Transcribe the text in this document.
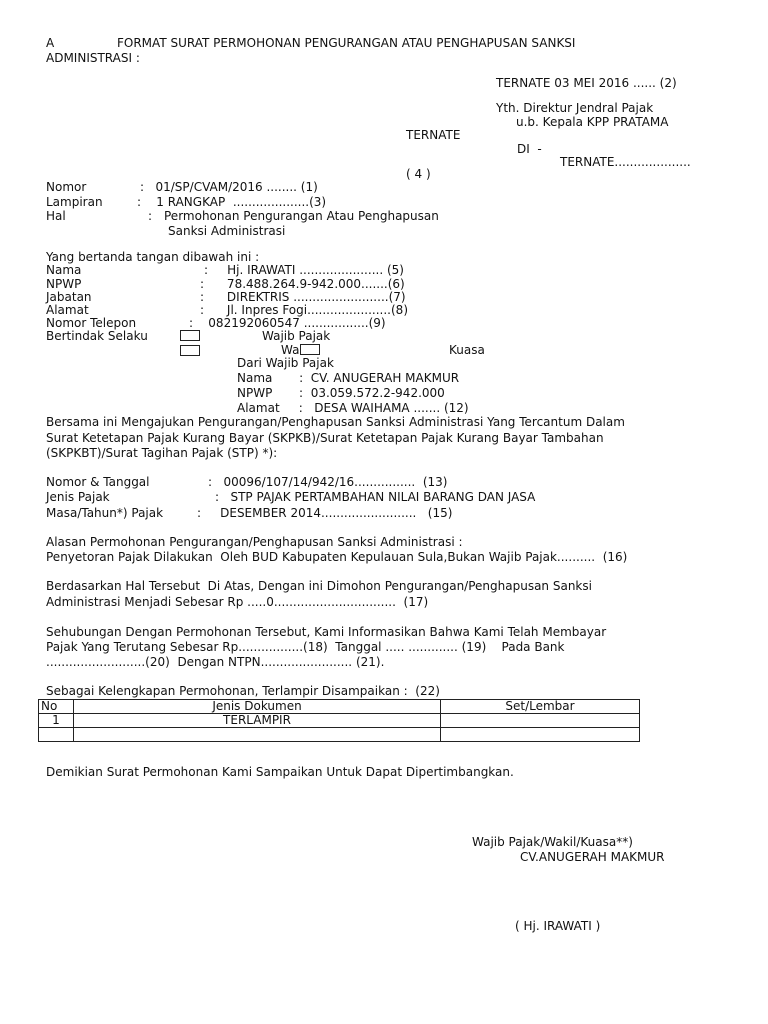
A	FORMAT SURAT PERMOHONAN PENGURANGAN ATAU PENGHAPUSAN SANKSI
ADMINISTRASI :
TERNATE 03 MEI 2016 ...... (2)
Yth. Direktur Jendral Pajak
u.b. Kepala KPP PRATAMA
TERNATE
DI  -
TERNATE....................
( 4 )
Nomor	:   01/SP/CVAM/2016 ........ (1)
Lampiran	:    1 RANGKAP  ....................(3)
Hal	: Permohonan Pengurangan Atau Penghapusan
Sanksi Administrasi
Yang bertanda tangan dibawah ini :
Nama	:     Hj. IRAWATI ...................... (5)
NPWP	:      78.488.264.9-942.000.......(6)
Jabatan	:      DIREKTRIS .........................(7)
Alamat	:      Jl. Inpres Fogi......................(8)
Nomor Telepon	:    082192060547 .................(9)
Bertindak Selaku	Wajib Pajak
Wa	Kuasa
Dari Wajib Pajak
Nama       :  CV. ANUGERAH MAKMUR
NPWP       :  03.059.572.2-942.000
Alamat     :   DESA WAIHAMA ....... (12)
Bersama ini Mengajukan Pengurangan/Penghapusan Sanksi Administrasi Yang Tercantum Dalam
Surat Ketetapan Pajak Kurang Bayar (SKPKB)/Surat Ketetapan Pajak Kurang Bayar Tambahan
(SKPKBT)/Surat Tagihan Pajak (STP) *):
Nomor & Tanggal	:   00096/107/14/942/16................  (13)
Jenis Pajak	:   STP PAJAK PERTAMBAHAN NILAI BARANG DAN JASA
Masa/Tahun*) Pajak	:     DESEMBER 2014.........................   (15)
Alasan Permohonan Pengurangan/Penghapusan Sanksi Administrasi :
Penyetoran Pajak Dilakukan  Oleh BUD Kabupaten Kepulauan Sula,Bukan Wajib Pajak..........  (16)
Berdasarkan Hal Tersebut  Di Atas, Dengan ini Dimohon Pengurangan/Penghapusan Sanksi
Administrasi Menjadi Sebesar Rp .....0................................  (17)
Sehubungan Dengan Permohonan Tersebut, Kami Informasikan Bahwa Kami Telah Membayar
Pajak Yang Terutang Sebesar Rp.................(18)  Tanggal ..... ............. (19)    Pada Bank
..........................(20)  Dengan NTPN........................ (21).
Sebagai Kelengkapan Permohonan, Terlampir Disampaikan :  (22)
No	Jenis Dokumen	Set/Lembar
1	TERLAMPIR	

Demikian Surat Permohonan Kami Sampaikan Untuk Dapat Dipertimbangkan.
Wajib Pajak/Wakil/Kuasa**)
CV.ANUGERAH MAKMUR
( Hj. IRAWATI )
